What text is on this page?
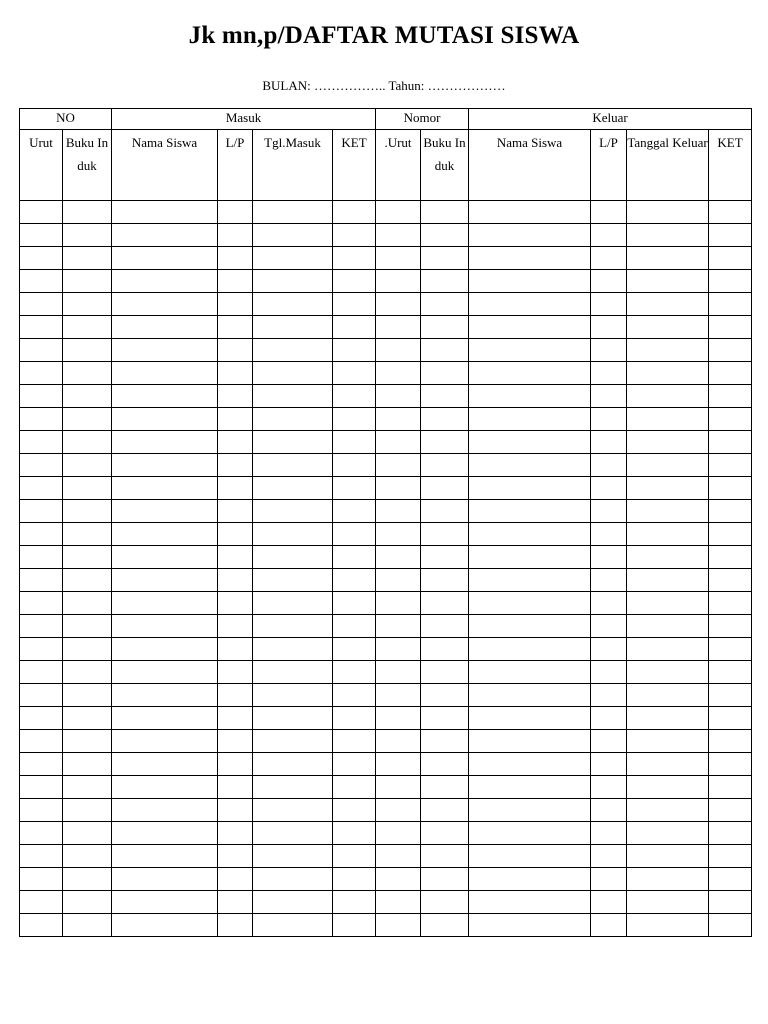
Jk mn,p/DAFTAR MUTASI SISWA
BULAN: …………….. Tahun: ………………
NO		Masuk				Nomor		Keluar			
Urut	Buku Induk	Nama Siswa	L/P	Tgl.Masuk	KET	.Urut	Buku Induk	Nama Siswa	L/P	Tanggal Keluar	KET
